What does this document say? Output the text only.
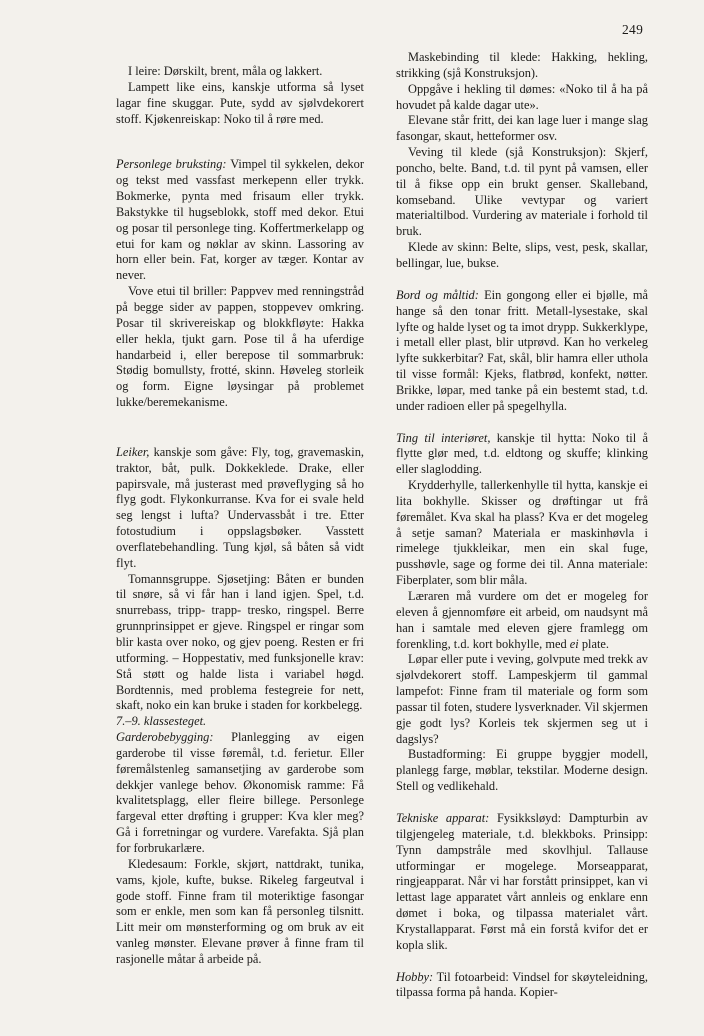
249

I leire: Dørskilt, brent, måla og lakkert.

Lampett like eins, kanskje utforma så lyset lagar fine skuggar. Pute, sydd av sjølvdekorert stoff. Kjøkenreiskap: Noko til å røre med.

Personlege bruksting: Vimpel til sykkelen, dekor og tekst med vassfast merkepenn eller trykk. Bokmerke, pynta med frisaum eller trykk. Bakstykke til hugseblokk, stoff med dekor. Etui og posar til personlege ting. Koffertmerkelapp og etui for kam og nøklar av skinn. Lassoring av horn eller bein. Fat, korger av tæger. Kontar av never.

Vove etui til briller: Pappvev med renningstråd på begge sider av pappen, stoppevev omkring. Posar til skrivereiskap og blokkfløyte: Hakka eller hekla, tjukt garn. Pose til å ha uferdige handarbeid i, eller berepose til sommarbruk: Stødig bomullsty, frotté, skinn. Høveleg storleik og form. Eigne løysingar på problemet lukke/beremekanisme.

Leiker, kanskje som gåve: Fly, tog, gravemaskin, traktor, båt, pulk. Dokkeklede. Drake, eller papirsvale, må justerast med prøveflyging så ho flyg godt. Flykonkurranse. Kva for ei svale held seg lengst i lufta? Undervassbåt i tre. Etter fotostudium i oppslagsbøker. Vasstett overflatebehandling. Tung kjøl, så båten så vidt flyt.

Tomannsgruppe. Sjøsetjing: Båten er bunden til snøre, så vi får han i land igjen. Spel, t.d. snurrebass, tripp- trapp- tresko, ringspel. Berre grunnprinsippet er gjeve. Ringspel er ringar som blir kasta over noko, og gjev poeng. Resten er fri utforming. – Hoppestativ, med funksjonelle krav: Stå støtt og halde lista i variabel høgd. Bordtennis, med problema festegreie for nett, skaft, noko ein kan bruke i staden for korkbelegg.

7.–9. klassesteget.

Garderobebygging: Planlegging av eigen garderobe til visse føremål, t.d. ferietur. Eller føremålstenleg samansetjing av garderobe som dekkjer vanlege behov. Økonomisk ramme: Få kvalitetsplagg, eller fleire billege. Personlege fargeval etter drøfting i grupper: Kva kler meg? Gå i forretningar og vurdere. Varefakta. Sjå plan for forbrukarlære.

Kledesaum: Forkle, skjørt, nattdrakt, tunika, vams, kjole, kufte, bukse. Rikeleg fargeutval i gode stoff. Finne fram til moteriktige fasongar som er enkle, men som kan få personleg tilsnitt. Litt meir om mønsterforming og om bruk av eit vanleg mønster. Elevane prøver å finne fram til rasjonelle måtar å arbeide på.

Maskebinding til klede: Hakking, hekling, strikking (sjå Konstruksjon).

Oppgåve i hekling til dømes: «Noko til å ha på hovudet på kalde dagar ute».

Elevane står fritt, dei kan lage luer i mange slag fasongar, skaut, hetteformer osv.

Veving til klede (sjå Konstruksjon): Skjerf, poncho, belte. Band, t.d. til pynt på vamsen, eller til å fikse opp ein brukt genser. Skalleband, komseband. Ulike vevtypar og variert materialtilbod. Vurdering av materiale i forhold til bruk.

Klede av skinn: Belte, slips, vest, pesk, skallar, bellingar, lue, bukse.

Bord og måltid: Ein gongong eller ei bjølle, må hange så den tonar fritt. Metall-lysestake, skal lyfte og halde lyset og ta imot drypp. Sukkerklype, i metall eller plast, blir utprøvd. Kan ho verkeleg lyfte sukkerbitar? Fat, skål, blir hamra eller uthola til visse formål: Kjeks, flatbrød, konfekt, nøtter. Brikke, løpar, med tanke på ein bestemt stad, t.d. under radioen eller på spegelhylla.

Ting til interiøret, kanskje til hytta: Noko til å flytte glør med, t.d. eldtong og skuffe; klinking eller slaglodding.

Krydderhylle, tallerkenhylle til hytta, kanskje ei lita bokhylle. Skisser og drøftingar ut frå føremålet. Kva skal ha plass? Kva er det mogeleg å setje saman? Materiala er maskinhøvla i rimelege tjukkleikar, men ein skal fuge, pusshøvle, sage og forme dei til. Anna materiale: Fiberplater, som blir måla.

Læraren må vurdere om det er mogeleg for eleven å gjennomføre eit arbeid, om naudsynt må han i samtale med eleven gjere framlegg om forenkling, t.d. kort bokhylle, med ei plate.

Løpar eller pute i veving, golvpute med trekk av sjølvdekorert stoff. Lampeskjerm til gammal lampefot: Finne fram til materiale og form som passar til foten, studere lysverknader. Vil skjermen gje godt lys? Korleis tek skjermen seg ut i dagslys?

Bustadforming: Ei gruppe byggjer modell, planlegg farge, møblar, tekstilar. Moderne design. Stell og vedlikehald.

Tekniske apparat: Fysikksløyd: Dampturbin av tilgjengeleg materiale, t.d. blekkboks. Prinsipp: Tynn dampstråle med skovlhjul. Tallause utformingar er mogelege. Morseapparat, ringjeapparat. Når vi har forstått prinsippet, kan vi lettast lage apparatet vårt annleis og enklare enn dømet i boka, og tilpassa materialet vårt. Krystallapparat. Først må ein forstå kvifor det er kopla slik.

Hobby: Til fotoarbeid: Vindsel for skøyteleidning, tilpassa forma på handa. Kopier-
